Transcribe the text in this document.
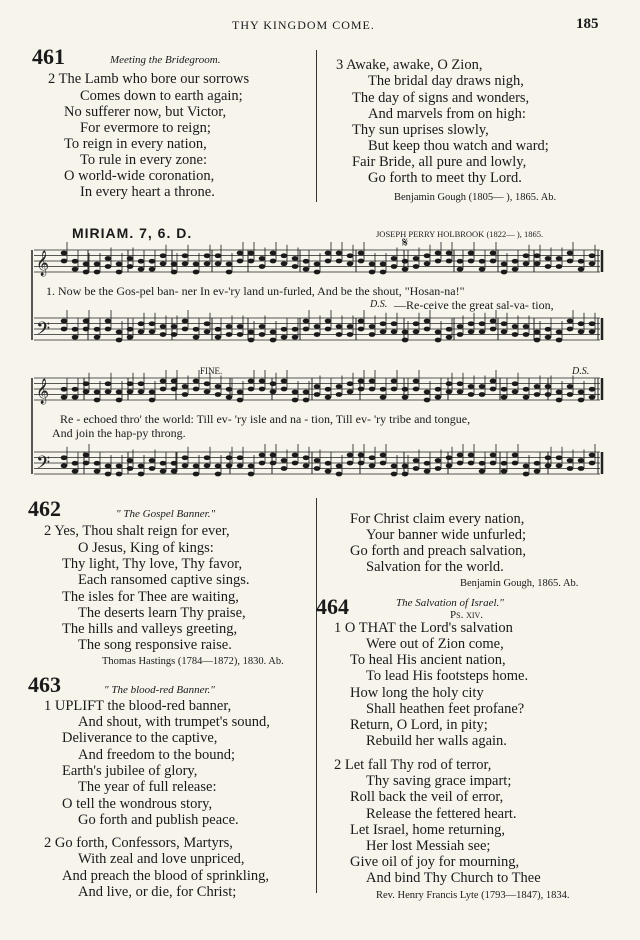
THY KINGDOM COME.	185
461	Meeting the Bridegroom.
2 The Lamb who bore our sorrows
Comes down to earth again;
No sufferer now, but Victor,
For evermore to reign;
To reign in every nation,
To rule in every zone:
O world-wide coronation,
In every heart a throne.
3 Awake, awake, O Zion,
The bridal day draws nigh,
The day of signs and wonders,
And marvels from on high:
Thy sun uprises slowly,
But keep thou watch and ward;
Fair Bride, all pure and lowly,
Go forth to meet thy Lord.
Benjamin Gough (1805— ), 1865. Ab.
MIRIAM. 7, 6. D.	JOSEPH PERRY HOLBROOK (1822— ), 1865.
𝄋
𝄞
𝄢
𝄞
𝄢
1. Now be the Gos-pel ban- ner In ev-'ry land un-furled, And be the shout, "Hosan-na!"
D.S. —Re-ceive the great sal-va- tion,
FINE.	D.S.
Re - echoed thro' the world: Till ev- 'ry isle and na - tion, Till ev- 'ry tribe and tongue,
And join the hap-py throng.
462	" The Gospel Banner."
2 Yes, Thou shalt reign for ever,
O Jesus, King of kings:
Thy light, Thy love, Thy favor,
Each ransomed captive sings.
The isles for Thee are waiting,
The deserts learn Thy praise,
The hills and valleys greeting,
The song responsive raise.
Thomas Hastings (1784—1872), 1830. Ab.
For Christ claim every nation,
Your banner wide unfurled;
Go forth and preach salvation,
Salvation for the world.
Benjamin Gough, 1865. Ab.
463	" The blood-red Banner."
1 UPLIFT the blood-red banner,
And shout, with trumpet's sound,
Deliverance to the captive,
And freedom to the bound;
Earth's jubilee of glory,
The year of full release:
O tell the wondrous story,
Go forth and publish peace.
2 Go forth, Confessors, Martyrs,
With zeal and love unpriced,
And preach the blood of sprinkling,
And live, or die, for Christ;
464	The Salvation of Israel."
Ps. xiv.
1 O THAT the Lord's salvation
Were out of Zion come,
To heal His ancient nation,
To lead His footsteps home.
How long the holy city
Shall heathen feet profane?
Return, O Lord, in pity;
Rebuild her walls again.
2 Let fall Thy rod of terror,
Thy saving grace impart;
Roll back the veil of error,
Release the fettered heart.
Let Israel, home returning,
Her lost Messiah see;
Give oil of joy for mourning,
And bind Thy Church to Thee
Rev. Henry Francis Lyte (1793—1847), 1834.
